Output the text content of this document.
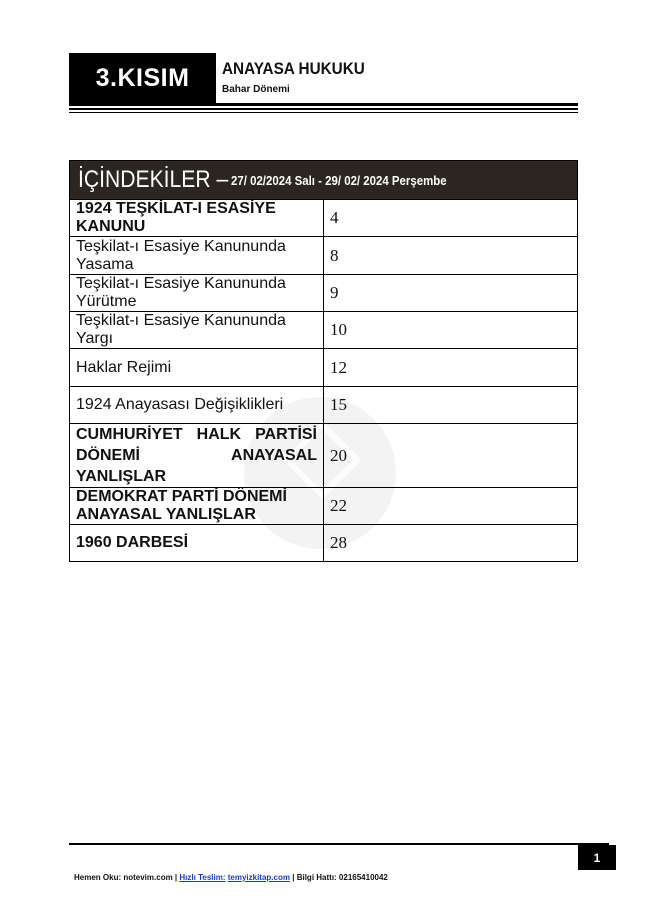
3.KISIM	ANAYASA HUKUKU
Bahar Dönemi
İÇİNDEKİLER – 27/ 02/2024 Salı - 29/ 02/ 2024 Perşembe	

1924 TEŞKİLAT-I ESASİYE KANUNU	4
Teşkilat-ı Esasiye Kanununda Yasama	8
Teşkilat-ı Esasiye Kanununda Yürütme	9
Teşkilat-ı Esasiye Kanununda Yargı	10
Haklar Rejimi	12
1924 Anayasası Değişiklikleri	15
CUMHURİYET HALK PARTİSİ DÖNEMİ ANAYASAL YANLIŞLAR	20
DEMOKRAT PARTİ DÖNEMİ ANAYASAL YANLIŞLAR	22
1960 DARBESİ	28
1
Hemen Oku: notevim.com | Hızlı Teslim: temyizkitap.com | Bilgi Hattı: 02165410042
